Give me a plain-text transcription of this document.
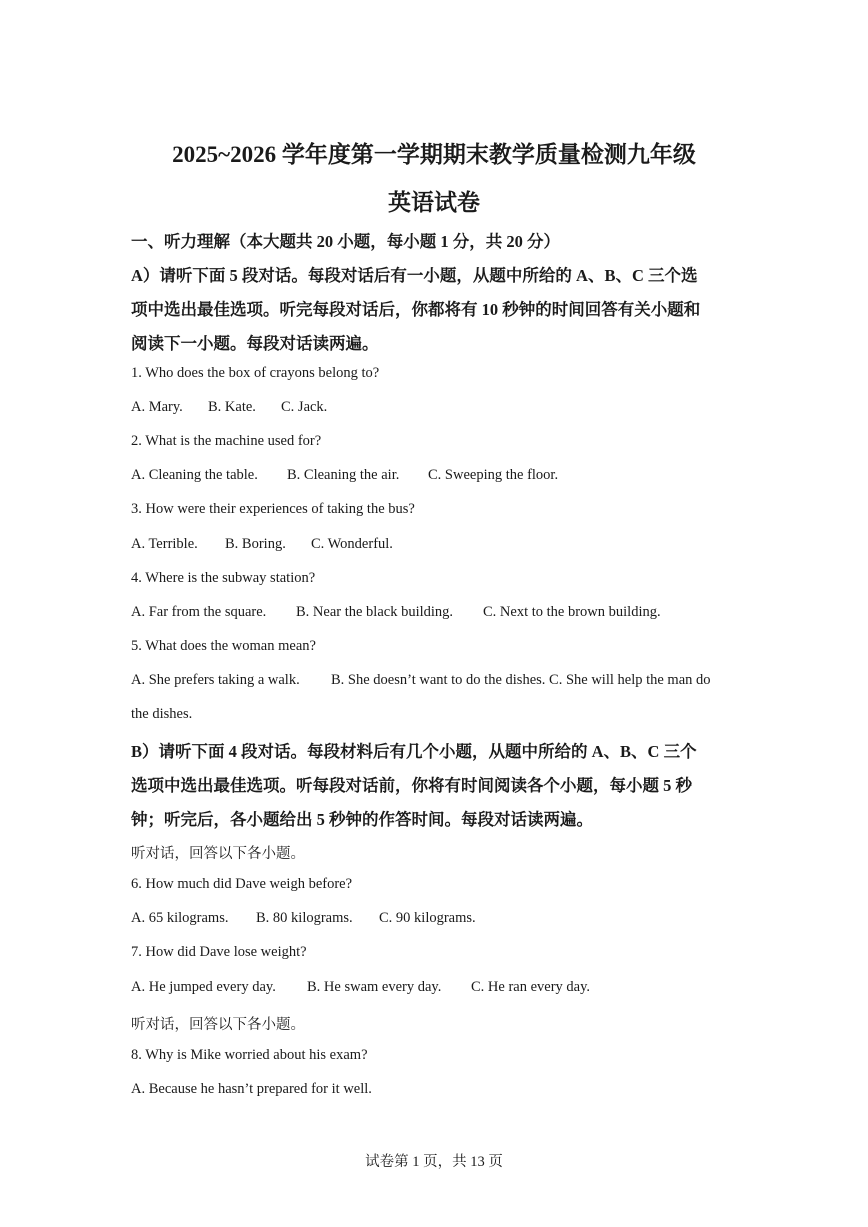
2025~2026 学年度第一学期期末教学质量检测九年级
英语试卷
一、听力理解（本大题共 20 小题，每小题 1 分，共 20 分）
A）请听下面 5 段对话。每段对话后有一小题，从题中所给的 A、B、C 三个选
项中选出最佳选项。听完每段对话后，你都将有 10 秒钟的时间回答有关小题和
阅读下一小题。每段对话读两遍。
1. Who does the box of crayons belong to?
A. Mary. B. Kate. C. Jack.
2. What is the machine used for?
A. Cleaning the table. B. Cleaning the air. C. Sweeping the floor.
3. How were their experiences of taking the bus?
A. Terrible. B. Boring. C. Wonderful.
4. Where is the subway station?
A. Far from the square. B. Near the black building. C. Next to the brown building.
5. What does the woman mean?
A. She prefers taking a walk. B. She doesn’t want to do the dishes. C. She will help the man do
the dishes.
B）请听下面 4 段对话。每段材料后有几个小题，从题中所给的 A、B、C 三个
选项中选出最佳选项。听每段对话前，你将有时间阅读各个小题，每小题 5 秒
钟；听完后，各小题给出 5 秒钟的作答时间。每段对话读两遍。
听对话，回答以下各小题。
6. How much did Dave weigh before?
A. 65 kilograms. B. 80 kilograms. C. 90 kilograms.
7. How did Dave lose weight?
A. He jumped every day. B. He swam every day. C. He ran every day.
听对话，回答以下各小题。
8. Why is Mike worried about his exam?
A. Because he hasn’t prepared for it well.
试卷第 1 页，共 13 页
